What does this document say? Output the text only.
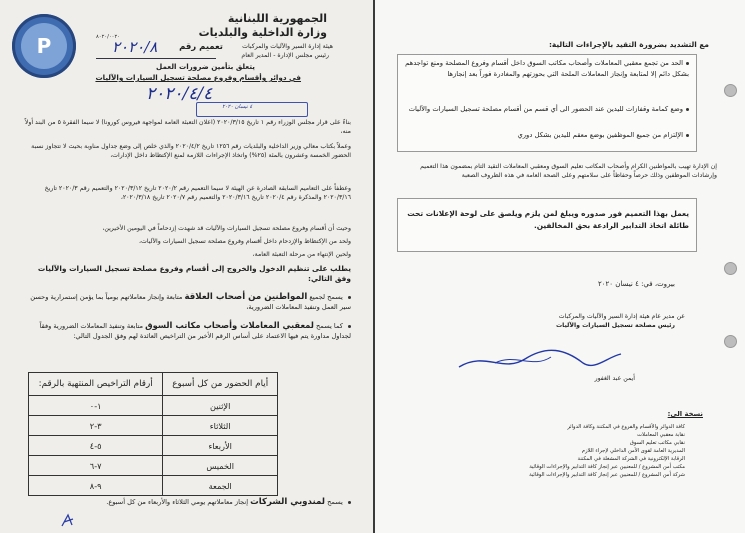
P
الجمهورية اللبنانية
وزارة الداخلية والبلديات
هيئة إدارة السير والآليات والمركبات
رئيس مجلس الإدارة - المدير العام
٨٠٢٠/٠٠٢٠
٢٠٢٠/٨	تعميم رقم
يتعلق بتأمين ضرورات العمل
في دوائر وأقسام وفروع مصلحة تسجيل السيارات والآليات
٢٠٢٠/٤/٤
٤ نيسان ٢٠٢٠
بناءً على قرار مجلس الوزراء رقم ١ تاريخ ٢٠٢٠/٣/١٥ (اعلان التعبئة العامة لمواجهة فيروس كورونا) لا سيما الفقرة ٥ من البند أولاً منه،
وعملاً بكتاب معالي وزير الداخلية والبلديات رقم ١٢٥٦ تاريخ ٢٠٢٠/٤/٢ والذي خلص إلى وضع جداول مناوبة بحيث لا تتجاوز نسبة الحضور الخمسة وعشرون بالمئة (٢٥%) واتخاذ الإجراءات اللازمة لمنع الإكتظاظ داخل الإدارات،
وعطفاً على التعاميم السابقة الصادرة عن الهيئة لا سيما التعميم رقم ٢٠٢٠/٢ تاريخ ٢٠٢٠/٣/١٢ والتعميم رقم ٢٠٢٠/٣ تاريخ ٢٠٢٠/٣/١٦ والمذكرة رقم ٢٠٢٠/٤ تاريخ ٢٠٢٠/٣/١٦ والتعميم رقم ٢٠٢٠/٧ تاريخ ٢٠٢٠/٣/١٨،
وحيث أن أقسام وفروع مصلحة تسجيل السيارات والآليات قد شهدت إزدحاماً في اليومين الأخيرين،
ولحد من الإكتظاظ والإزدحام داخل أقسام وفروع مصلحة تسجيل السيارات والآليات،
ولحين الإنتهاء من مرحلة التعبئة العامة،
يطلب على تنظيم الدخول والخروج إلى أقسام وفروع مصلحة تسجيل السيارات والآليات وفق التالي:
يسمح لجميع المواطنين من أصحاب العلاقة متابعة وإنجاز معاملاتهم يومياً بما يؤمن إستمرارية وحسن سير العمل وتنفيذ المعاملات الضرورية،
كما يسمح لمعقبي المعاملات وأصحاب مكاتب السوق متابعة وتنفيذ المعاملات الضرورية وفقاً لجداول مداورة يتم فيها الاعتماد على أساس الرقم الأخير من التراخيص العائدة لهم وفق الجدول التالي:
أيام الحضور من كل أسبوع	أرقام التراخيص المنتهية بالرقم:
الإثنين	١-٠
الثلاثاء	٣-٢
الأربعاء	٥-٤
الخميس	٧-٦
الجمعة	٩-٨
يسمح لمندوبي الشركات إنجاز معاملاتهم يومي الثلاثاء والأربعاء من كل أسبوع.
مع التشديد بضرورة التقيد بالإجراءات التالية:
الحد من تجمع معقبي المعاملات وأصحاب مكاتب السوق داخل أقسام وفروع المصلحة ومنع تواجدهم بشكل دائم إلا لمتابعة وإنجاز المعاملات الملحة التي بحوزتهم والمغادرة فوراً بعد إنجازها
وضع كمامة وقفازات لليدين عند الحضور الى أي قسم من أقسام مصلحة تسجيل السيارات والآليات
الإلتزام من جميع الموظفين بوضع معقم لليدين بشكل دوري
إن الإدارة تهيب بالمواطنين الكرام وأصحاب المكاتب تعليم السوق ومعقبي المعاملات التقيد التام بمضمون هذا التعميم وإرشادات الموظفين وذلك حرصاً وحفاظاً على سلامتهم وعلى الصحة العامة في هذه الظروف الصعبة
يعمل بهذا التعميم فور صدوره ويبلغ لمن يلزم ويلصق على لوحة الإعلانات تحت طائلة اتخاذ التدابير الرادعة بحق المخالفين.
بيروت، في: ٤ نيسان ٢٠٢٠
عن مدير عام هيئة إدارة السير والآليات والمركبات
رئيس مصلحة تسجيل السيارات والآليات
أيمن عبد الغفور
نسخة الى:
كافة الدوائر والأقسام والفروع في المكننة وكافة الدوائر
نقابة معقبي المعاملات
نقابي مكاتب تعليم السوق
المديرية العامة لقوى الأمن الداخلي لإجراء اللازم
الرقابة الإلكترونية في الشركة المشغلة في المكننة
مكتب أمن المشروع / للمعنيين عبر إنجاز كافة التدابير والإجراءات الوقائية
شركة أمن المشروع / للمعنيين عبر إنجاز كافة التدابير والإجراءات الوقائية
